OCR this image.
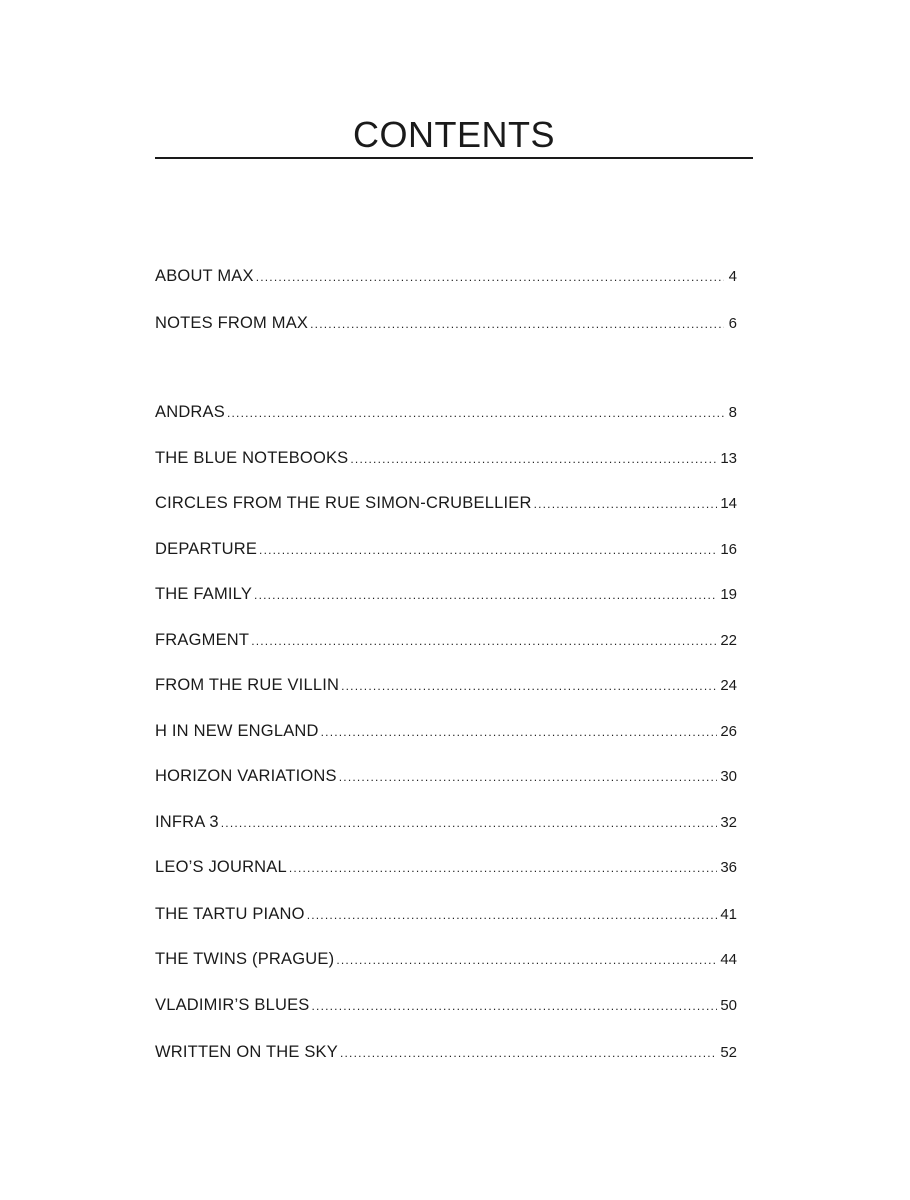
CONTENTS
ABOUT MAX .....	4
NOTES FROM MAX .....	6
ANDRAS .....	8
THE BLUE NOTEBOOKS .....	13
CIRCLES FROM THE RUE SIMON-CRUBELLIER .....	14
DEPARTURE .....	16
THE FAMILY .....	19
FRAGMENT .....	22
FROM THE RUE VILLIN .....	24
H IN NEW ENGLAND .....	26
HORIZON VARIATIONS .....	30
INFRA 3 .....	32
LEO’S JOURNAL .....	36
THE TARTU PIANO .....	41
THE TWINS (PRAGUE) .....	44
VLADIMIR’S BLUES .....	50
WRITTEN ON THE SKY .....	52
